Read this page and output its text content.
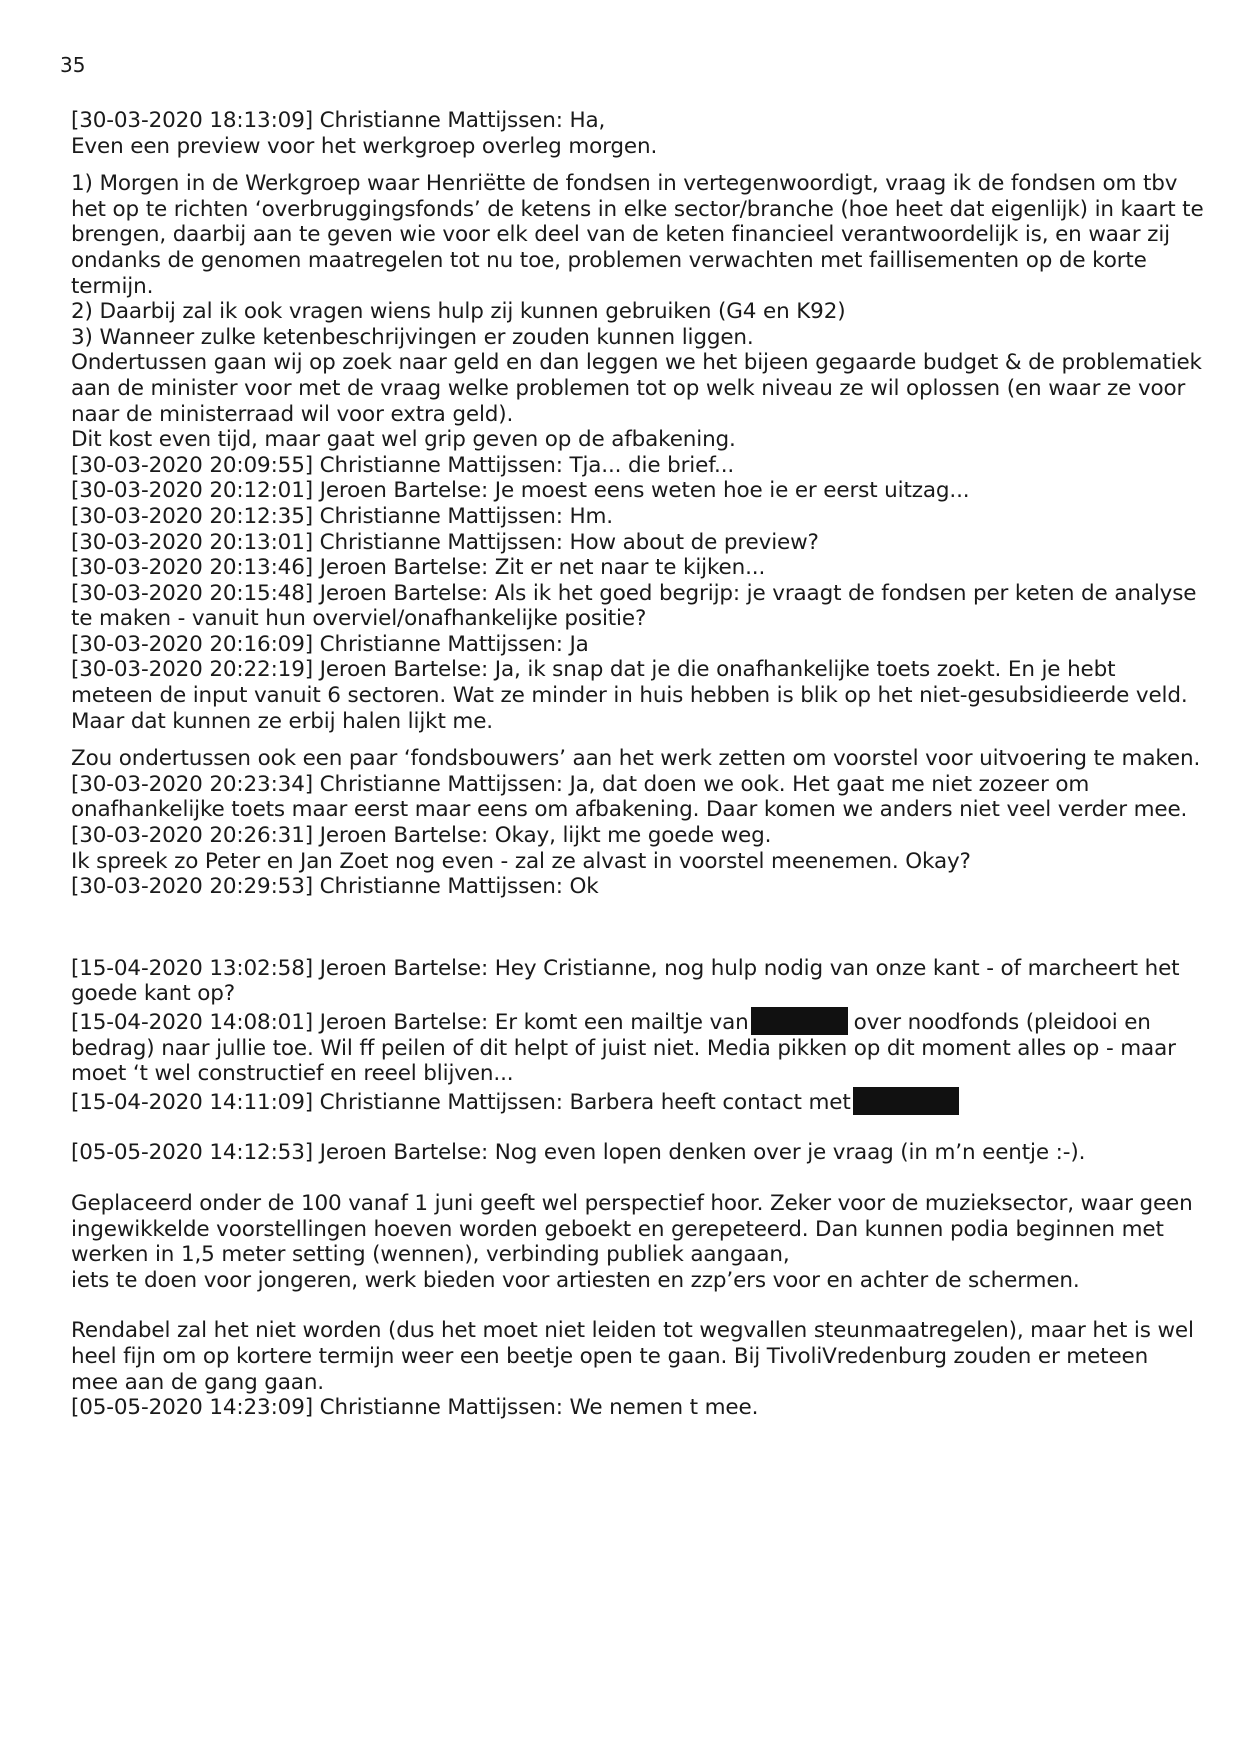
35
[30-03-2020 18:13:09] Christianne Mattijssen: Ha,
Even een preview voor het werkgroep overleg morgen.
1) Morgen in de Werkgroep waar Henriëtte de fondsen in vertegenwoordigt, vraag ik de fondsen om tbv
het op te richten ‘overbruggingsfonds’ de ketens in elke sector/branche (hoe heet dat eigenlijk) in kaart te
brengen, daarbij aan te geven wie voor elk deel van de keten financieel verantwoordelijk is, en waar zij
ondanks de genomen maatregelen tot nu toe, problemen verwachten met faillisementen op de korte
termijn.
2) Daarbij zal ik ook vragen wiens hulp zij kunnen gebruiken (G4 en K92)
3) Wanneer zulke ketenbeschrijvingen er zouden kunnen liggen.
Ondertussen gaan wij op zoek naar geld en dan leggen we het bijeen gegaarde budget & de problematiek
aan de minister voor met de vraag welke problemen tot op welk niveau ze wil oplossen (en waar ze voor
naar de ministerraad wil voor extra geld).
Dit kost even tijd, maar gaat wel grip geven op de afbakening.
[30-03-2020 20:09:55] Christianne Mattijssen: Tja... die brief...
[30-03-2020 20:12:01] Jeroen Bartelse: Je moest eens weten hoe ie er eerst uitzag...
[30-03-2020 20:12:35] Christianne Mattijssen: Hm.
[30-03-2020 20:13:01] Christianne Mattijssen: How about de preview?
[30-03-2020 20:13:46] Jeroen Bartelse: Zit er net naar te kijken...
[30-03-2020 20:15:48] Jeroen Bartelse: Als ik het goed begrijp: je vraagt de fondsen per keten de analyse
te maken - vanuit hun overviel/onafhankelijke positie?
[30-03-2020 20:16:09] Christianne Mattijssen: Ja
[30-03-2020 20:22:19] Jeroen Bartelse: Ja, ik snap dat je die onafhankelijke toets zoekt. En je hebt
meteen de input vanuit 6 sectoren. Wat ze minder in huis hebben is blik op het niet-gesubsidieerde veld.
Maar dat kunnen ze erbij halen lijkt me.
Zou ondertussen ook een paar ‘fondsbouwers’ aan het werk zetten om voorstel voor uitvoering te maken.
[30-03-2020 20:23:34] Christianne Mattijssen: Ja, dat doen we ook. Het gaat me niet zozeer om
onafhankelijke toets maar eerst maar eens om afbakening. Daar komen we anders niet veel verder mee.
[30-03-2020 20:26:31] Jeroen Bartelse: Okay, lijkt me goede weg.
Ik spreek zo Peter en Jan Zoet nog even - zal ze alvast in voorstel meenemen. Okay?
[30-03-2020 20:29:53] Christianne Mattijssen: Ok
[15-04-2020 13:02:58] Jeroen Bartelse: Hey Cristianne, nog hulp nodig van onze kant - of marcheert het
goede kant op?
[15-04-2020 14:08:01] Jeroen Bartelse: Er komt een mailtje van	over noodfonds (pleidooi en
bedrag) naar jullie toe. Wil ff peilen of dit helpt of juist niet. Media pikken op dit moment alles op - maar
moet ‘t wel constructief en reeel blijven...
[15-04-2020 14:11:09] Christianne Mattijssen: Barbera heeft contact met
[05-05-2020 14:12:53] Jeroen Bartelse: Nog even lopen denken over je vraag (in m’n eentje :-).
Geplaceerd onder de 100 vanaf 1 juni geeft wel perspectief hoor. Zeker voor de muzieksector, waar geen
ingewikkelde voorstellingen hoeven worden geboekt en gerepeteerd. Dan kunnen podia beginnen met
werken in 1,5 meter setting (wennen), verbinding publiek aangaan,
iets te doen voor jongeren, werk bieden voor artiesten en zzp’ers voor en achter de schermen.
Rendabel zal het niet worden (dus het moet niet leiden tot wegvallen steunmaatregelen), maar het is wel
heel fijn om op kortere termijn weer een beetje open te gaan. Bij TivoliVredenburg zouden er meteen
mee aan de gang gaan.
[05-05-2020 14:23:09] Christianne Mattijssen: We nemen t mee.
